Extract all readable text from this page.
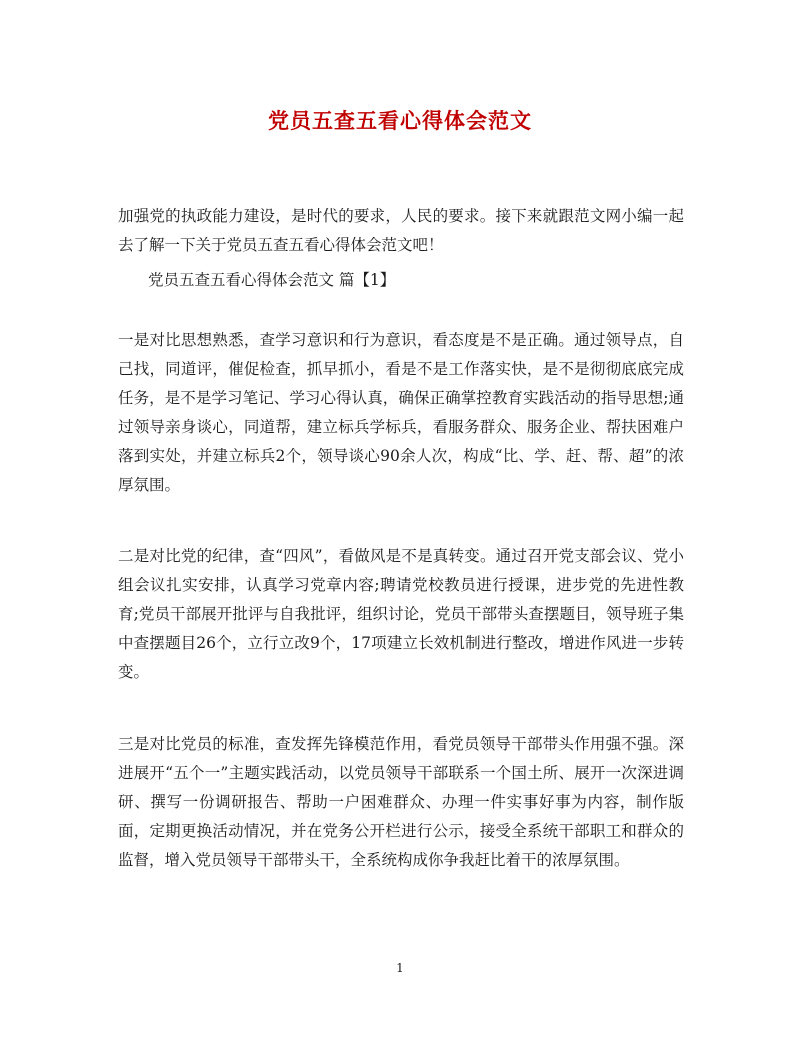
党员五查五看心得体会范文

加强党的执政能力建设，是时代的要求，人民的要求。接下来就跟范文网小编一起去了解一下关于党员五查五看心得体会范文吧！

党员五查五看心得体会范文 篇【1】

一是对比思想熟悉，查学习意识和行为意识，看态度是不是正确。通过领导点，自己找，同道评，催促检查，抓早抓小，看是不是工作落实快，是不是彻彻底底完成任务，是不是学习笔记、学习心得认真，确保正确掌控教育实践活动的指导思想;通过领导亲身谈心，同道帮，建立标兵学标兵，看服务群众、服务企业、帮扶困难户落到实处，并建立标兵2个，领导谈心90余人次，构成“比、学、赶、帮、超”的浓厚氛围。

二是对比党的纪律，查“四风”，看做风是不是真转变。通过召开党支部会议、党小组会议扎实安排，认真学习党章内容;聘请党校教员进行授课，进步党的先进性教育;党员干部展开批评与自我批评，组织讨论，党员干部带头查摆题目，领导班子集中查摆题目26个，立行立改9个，17项建立长效机制进行整改，增进作风进一步转变。

三是对比党员的标准，查发挥先锋模范作用，看党员领导干部带头作用强不强。深进展开“五个一”主题实践活动，以党员领导干部联系一个国土所、展开一次深进调研、撰写一份调研报告、帮助一户困难群众、办理一件实事好事为内容，制作版面，定期更换活动情况，并在党务公开栏进行公示，接受全系统干部职工和群众的监督，增入党员领导干部带头干，全系统构成你争我赶比着干的浓厚氛围。

1
